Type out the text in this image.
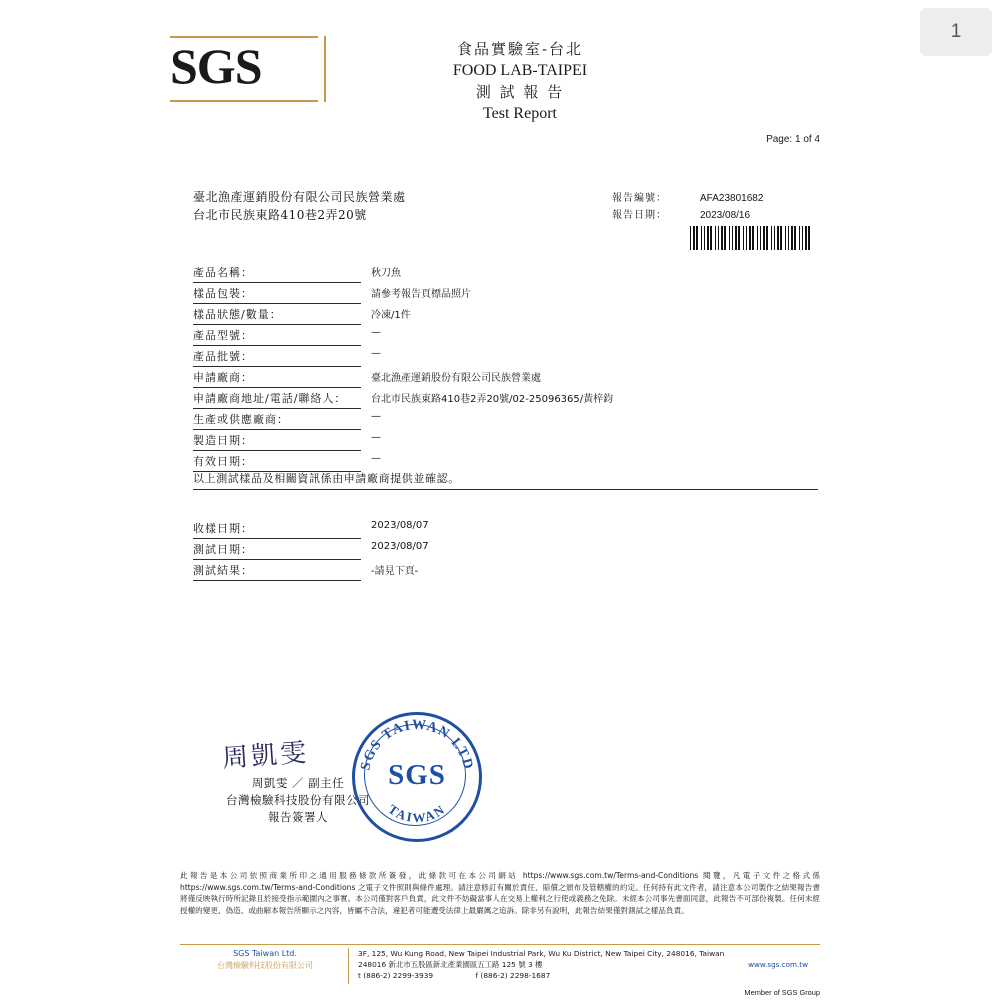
1
SGS	食品實驗室-台北
FOOD LAB-TAIPEI
測 試 報 告
Test Report
Page: 1 of 4
臺北漁產運銷股份有限公司民族營業處
台北市民族東路410巷2弄20號
報告編號：	AFA23801682
報告日期：	2023/08/16
產品名稱：	秋刀魚
樣品包裝：	請參考報告頁標品照片
樣品狀態/數量：	冷凍/1件
產品型號：	—
產品批號：	—
申請廠商：	臺北漁產運銷股份有限公司民族營業處
申請廠商地址/電話/聯絡人：	台北市民族東路410巷2弄20號/02-25096365/黃梓鈞
生產或供應廠商：	—
製造日期：	—
有效日期：	—
以上測試樣品及相關資訊係由申請廠商提供並確認。
收樣日期：	2023/08/07
測試日期：	2023/08/07
測試結果：	-請見下頁-
周凱雯
周凱雯 ／ 副主任
台灣檢驗科技股份有限公司
報告簽署人
SGS TAIWAN LTD
TAIWAN
SGS
此報告是本公司依照商業所印之通用服務條款所簽發，此條款可在本公司網站 https://www.sgs.com.tw/Terms-and-Conditions 閱覽，凡電子文件之格式係 https://www.sgs.com.tw/Terms-and-Conditions 之電子文件照則與條件處理。請注意修訂有關於責任、賠償之頒布及管轄權的約定。任何持有此文件者，請注意本公司製作之結果報告書將僅反映執行時所記錄且於接受指示範圍內之事實。本公司僅對客戶負責，此文件不妨礙當事人在交易上權利之行使或義務之免除。未經本公司事先書面同意，此報告不可部份複製。任何未經授權的變更、偽造、或曲解本報告所顯示之內容，皆屬不合法，違犯者可能遭受法律上最嚴厲之追訴。除非另有說明，此報告結果僅對測試之樣品負責。
SGS Taiwan Ltd.
台灣檢驗科技股份有限公司
3F, 125, Wu Kung Road, New Taipei Industrial Park, Wu Ku District, New Taipei City, 248016, Taiwan
248016 新北市五股區新北產業園區五工路 125 號 3 樓
t (886-2) 2299-3939	f (886-2) 2298-1687
www.sgs.com.tw
Member of SGS Group
